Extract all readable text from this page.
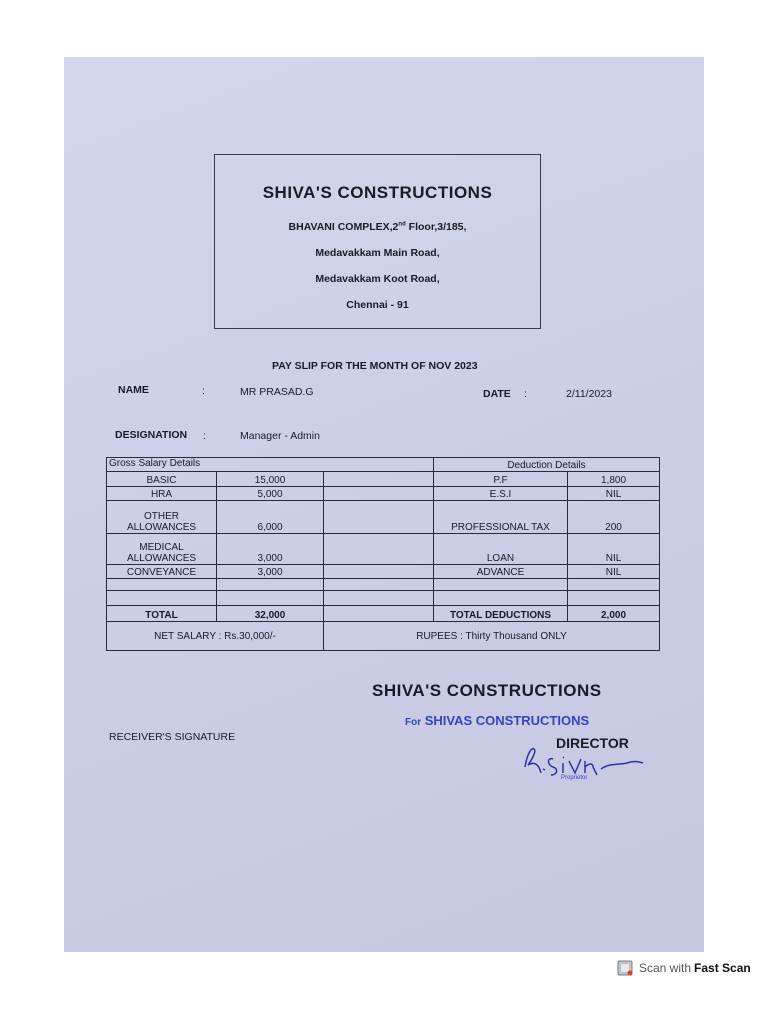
SHIVA'S CONSTRUCTIONS
BHAVANI COMPLEX,2nd Floor,3/185,
Medavakkam Main Road,
Medavakkam Koot Road,
Chennai - 91
PAY SLIP FOR THE MONTH OF NOV 2023
NAME	:	MR PRASAD.G	DATE :	2/11/2023
DESIGNATION :	Manager - Admin
Gross Salary Details			Deduction Details	
BASIC	15,000		P.F	1,800
HRA	5,000		E.S.I	NIL
OTHER ALLOWANCES	6,000		PROFESSIONAL TAX	200
MEDICAL ALLOWANCES	3,000		LOAN	NIL
CONVEYANCE	3,000		ADVANCE	NIL

TOTAL	32,000		TOTAL DEDUCTIONS	2,000
NET SALARY : Rs.30,000/-		RUPEES : Thirty Thousand ONLY		
SHIVA'S CONSTRUCTIONS
For SHIVAS CONSTRUCTIONS
DIRECTOR
Proprietor
RECEIVER'S SIGNATURE
Scan with Fast Scan
